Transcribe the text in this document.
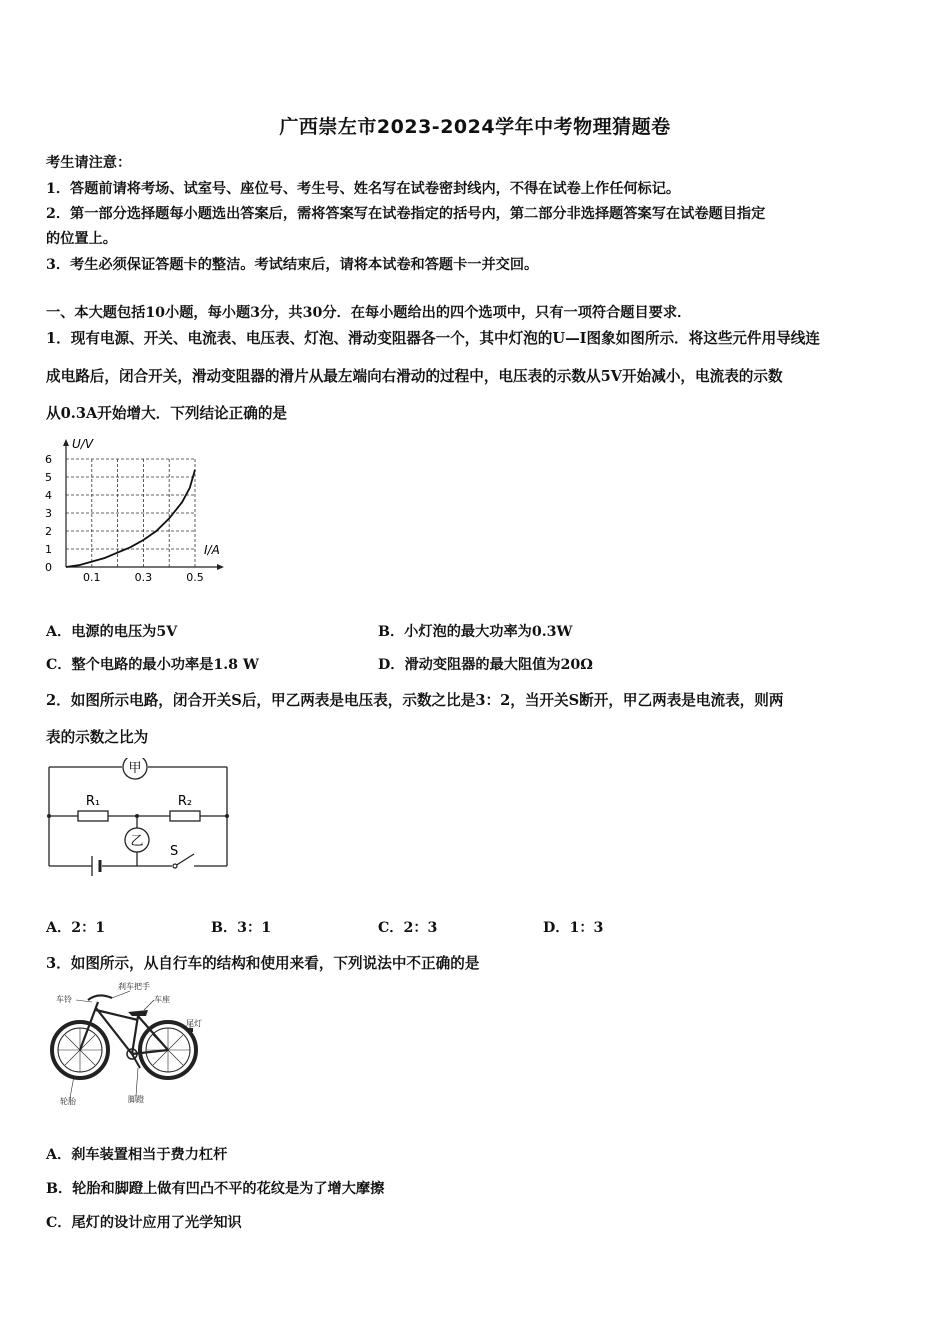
广西崇左市2023-2024学年中考物理猜题卷
考生请注意：
1．答题前请将考场、试室号、座位号、考生号、姓名写在试卷密封线内，不得在试卷上作任何标记。
2．第一部分选择题每小题选出答案后，需将答案写在试卷指定的括号内，第二部分非选择题答案写在试卷题目指定
的位置上。
3．考生必须保证答题卡的整洁。考试结束后，请将本试卷和答题卡一并交回。
一、本大题包括10小题，每小题3分，共30分．在每小题给出的四个选项中，只有一项符合题目要求．
1．现有电源、开关、电流表、电压表、灯泡、滑动变阻器各一个，其中灯泡的U—I图象如图所示．将这些元件用导线连
成电路后，闭合开关，滑动变阻器的滑片从最左端向右滑动的过程中，电压表的示数从5V开始减小，电流表的示数
从0.3A开始增大．下列结论正确的是
U/V
I/A
0
1
2
3
4
5
6
0.1	0.3	0.5
A．电源的电压为5V	B．小灯泡的最大功率为0.3W
C．整个电路的最小功率是1.8 W	D．滑动变阻器的最大阻值为20Ω
2．如图所示电路，闭合开关S后，甲乙两表是电压表，示数之比是3：2，当开关S断开，甲乙两表是电流表，则两
表的示数之比为
甲
乙
R₁	R₂
S
A．2：1	B．3：1	C．2：3	D．1：3
3．如图所示，从自行车的结构和使用来看，下列说法中不正确的是
车铃
刹车把手
车座
尾灯
轮胎	脚蹬
A．刹车装置相当于费力杠杆
B．轮胎和脚蹬上做有凹凸不平的花纹是为了增大摩擦
C．尾灯的设计应用了光学知识
